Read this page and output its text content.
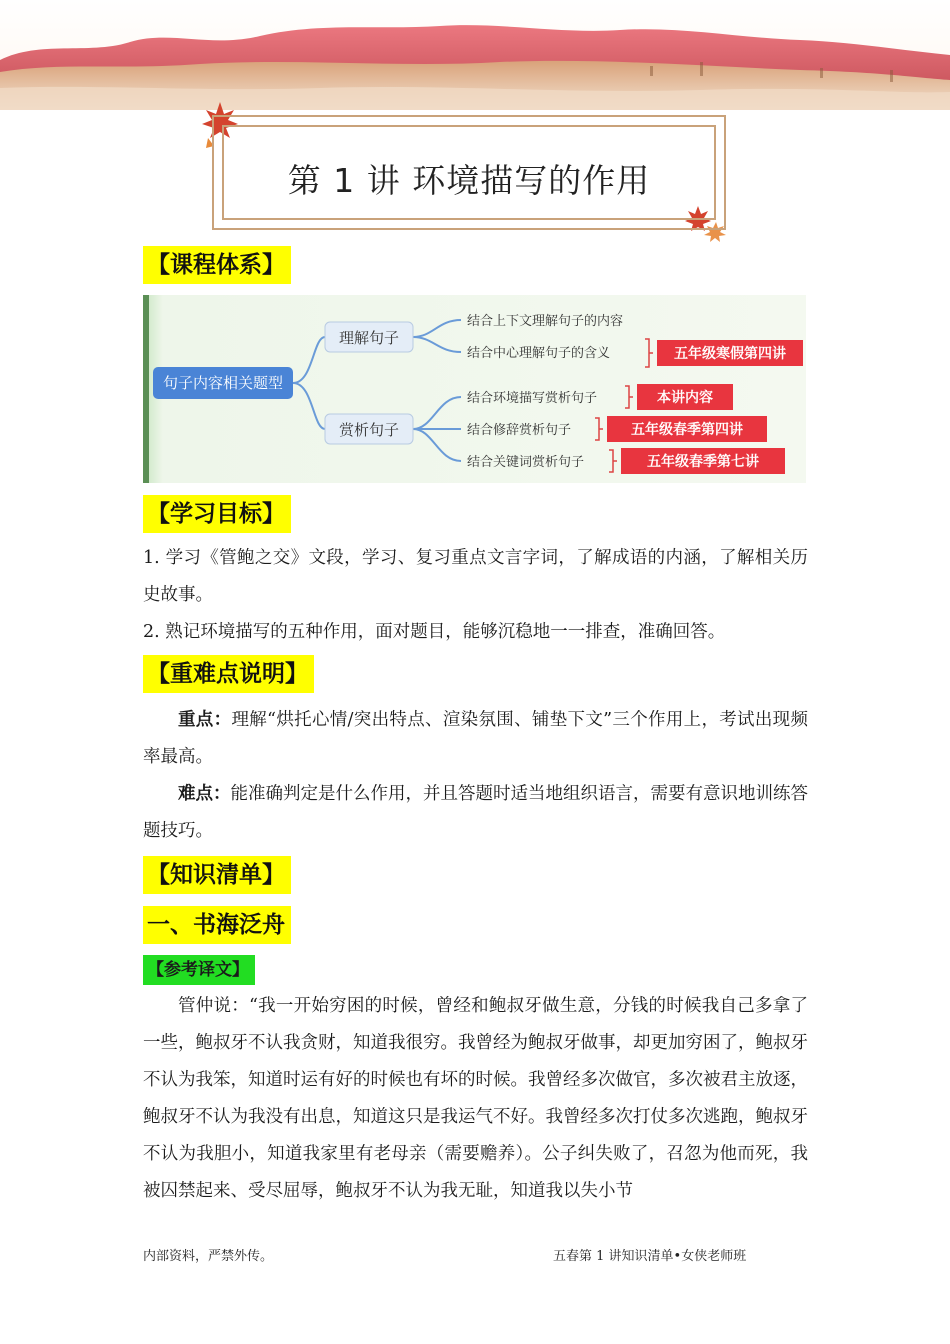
第 1 讲 环境描写的作用
【课程体系】
句子内容相关题型
理解句子
赏析句子
结合上下文理解句子的内容
结合中心理解句子的含义
结合环境描写赏析句子
结合修辞赏析句子
结合关键词赏析句子
五年级寒假第四讲
本讲内容
五年级春季第四讲
五年级春季第七讲
【学习目标】

1. 学习《管鲍之交》文段，学习、复习重点文言字词，了解成语的内涵，了解相关历史故事。

2. 熟记环境描写的五种作用，面对题目，能够沉稳地一一排查，准确回答。

【重难点说明】

重点：理解“烘托心情/突出特点、渲染氛围、铺垫下文”三个作用上，考试出现频率最高。

难点：能准确判定是什么作用，并且答题时适当地组织语言，需要有意识地训练答题技巧。

【知识清单】
一、书海泛舟
【参考译文】

管仲说：“我一开始穷困的时候，曾经和鲍叔牙做生意，分钱的时候我自己多拿了一些，鲍叔牙不认我贪财，知道我很穷。我曾经为鲍叔牙做事，却更加穷困了，鲍叔牙不认为我笨，知道时运有好的时候也有坏的时候。我曾经多次做官，多次被君主放逐，鲍叔牙不认为我没有出息，知道这只是我运气不好。我曾经多次打仗多次逃跑，鲍叔牙不认为我胆小，知道我家里有老母亲（需要赡养）。公子纠失败了，召忽为他而死，我被囚禁起来、受尽屈辱，鲍叔牙不认为我无耻，知道我以失小节

内部资料，严禁外传。	五春第 1 讲知识清单•女侠老师班
